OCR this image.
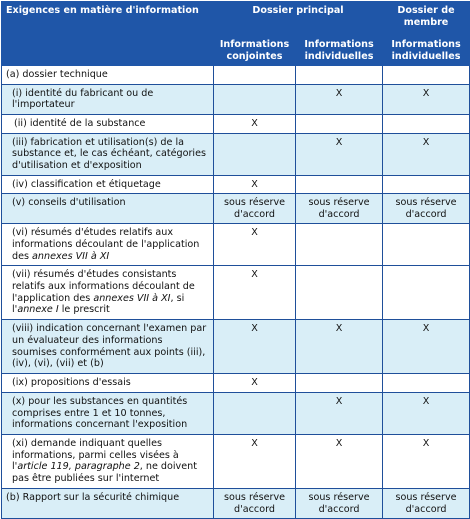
Exigences en matière d'information	Dossier principal		Dossier de membre
	Informations conjointes	Informations individuelles	Informations individuelles
(a) dossier technique			
(i) identité du fabricant ou de l'importateur		X	X
(ii) identité de la substance	X		
(iii) fabrication et utilisation(s) de la substance et, le cas échéant, catégories d'utilisation et d'exposition		X	X
(iv) classification et étiquetage	X		
(v) conseils d'utilisation	sous réserve d'accord	sous réserve d'accord	sous réserve d'accord
(vi) résumés d'études relatifs aux informations découlant de l'application des annexes VII à XI	X		
(vii) résumés d'études consistants relatifs aux informations découlant de l'application des annexes VII à XI, si l'annexe I le prescrit	X		
(viii) indication concernant l'examen par un évaluateur des informations soumises conformément aux points (iii), (iv), (vi), (vii) et (b)	X	X	X
(ix) propositions d'essais	X		
(x) pour les substances en quantités comprises entre 1 et 10 tonnes, informations concernant l'exposition		X	X
(xi) demande indiquant quelles informations, parmi celles visées à l'article 119, paragraphe 2, ne doivent pas être publiées sur l'internet	X	X	X
(b) Rapport sur la sécurité chimique	sous réserve d'accord	sous réserve d'accord	sous réserve d'accord
